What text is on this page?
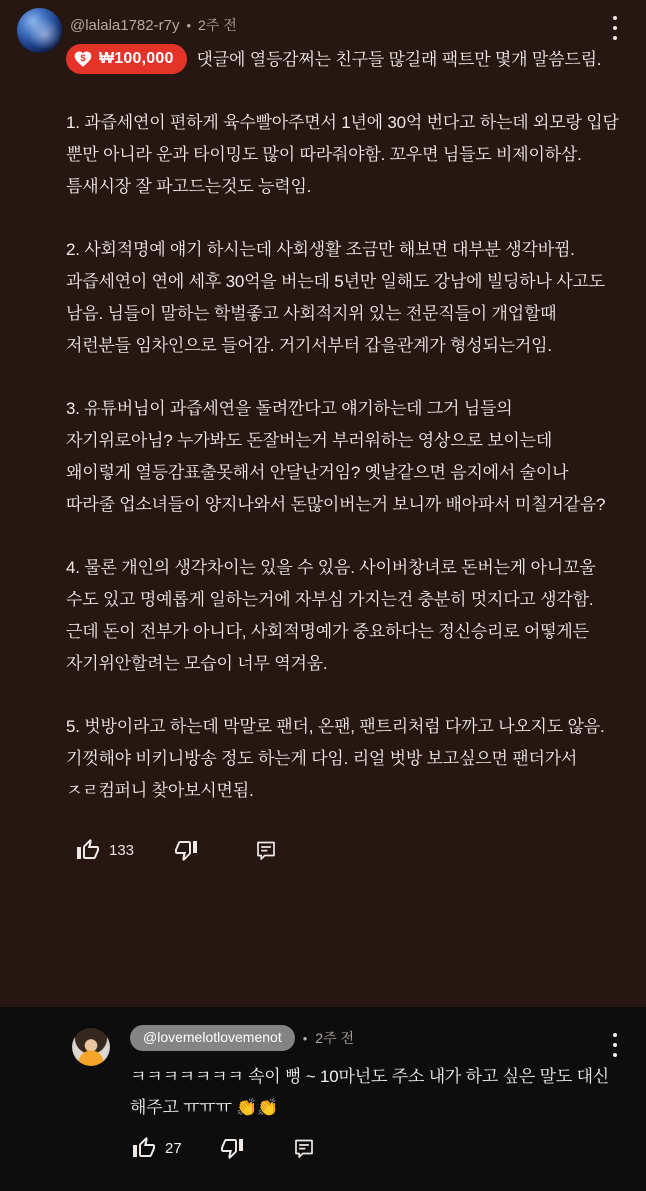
@lalala1782-r7y • 2주 전

$ ₩100,000 댓글에 열등감쩌는 친구들 많길래 팩트만 몇개 말씀드림.

1. 과즙세연이 편하게 육수빨아주면서 1년에 30억 번다고 하는데 외모랑 입담 뿐만 아니라 운과 타이밍도 많이 따라줘야함. 꼬우면 님들도 비제이하삼. 틈새시장 잘 파고드는것도 능력임.

2. 사회적명예 얘기 하시는데 사회생활 조금만 해보면 대부분 생각바뀜. 과즙세연이 연에 세후 30억을 버는데 5년만 일해도 강남에 빌딩하나 사고도 남음. 님들이 말하는 학벌좋고 사회적지위 있는 전문직들이 개업할때 저런분들 임차인으로 들어감. 거기서부터 갑을관계가 형성되는거임.

3. 유튜버님이 과즙세연을 돌려깐다고 얘기하는데 그거 님들의 자기위로아님? 누가봐도 돈잘버는거 부러워하는 영상으로 보이는데 왜이렇게 열등감표출못해서 안달난거임? 옛날같으면 음지에서 술이나 따라줄 업소녀들이 양지나와서 돈많이버는거 보니까 배아파서 미칠거같음?

4. 물론 개인의 생각차이는 있을 수 있음. 사이버창녀로 돈버는게 아니꼬울 수도 있고 명예롭게 일하는거에 자부심 가지는건 충분히 멋지다고 생각함. 근데 돈이 전부가 아니다, 사회적명예가 중요하다는 정신승리로 어떻게든 자기위안할려는 모습이 너무 역겨움.

5. 벗방이라고 하는데 막말로 팬더, 온팬, 팬트리처럼 다까고 나오지도 않음. 기껏해야 비키니방송 정도 하는게 다임. 리얼 벗방 보고싶으면 팬더가서 ㅈㄹ컴퍼니 찾아보시면됨.

133
@lovemelotlovemenot	• 2주 전

ㅋㅋㅋㅋㅋㅋㅋ 속이 뻥 ~ 10마넌도 주소 내가 하고 싶은 말도 대신 해주고 ㅠㅠㅠ 👏👏

27
